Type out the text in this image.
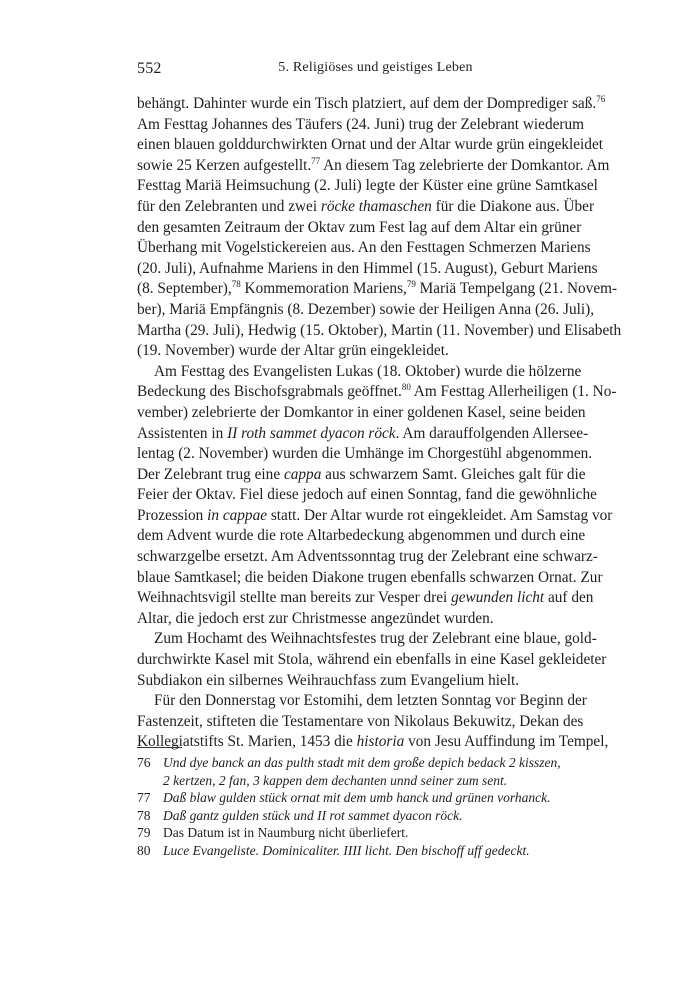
552	5. Religiöses und geistiges Leben
behängt. Dahinter wurde ein Tisch platziert, auf dem der Domprediger saß.$^{76}$
Am Festtag Johannes des Täufers (24. Juni) trug der Zelebrant wiederum
einen blauen golddurchwirkten Ornat und der Altar wurde grün eingekleidet
sowie 25 Kerzen aufgestellt.$^{77}$ An diesem Tag zelebrierte der Domkantor. Am
Festtag Mariä Heimsuchung (2. Juli) legte der Küster eine grüne Samtkasel
für den Zelebranten und zwei röcke thamaschen für die Diakone aus. Über
den gesamten Zeitraum der Oktav zum Fest lag auf dem Altar ein grüner
Überhang mit Vogelstickereien aus. An den Festtagen Schmerzen Mariens
(20. Juli), Aufnahme Mariens in den Himmel (15. August), Geburt Mariens
(8. September),$^{78}$ Kommemoration Mariens,$^{79}$ Mariä Tempelgang (21. Novem-
ber), Mariä Empfängnis (8. Dezember) sowie der Heiligen Anna (26. Juli),
Martha (29. Juli), Hedwig (15. Oktober), Martin (11. November) und Elisabeth
(19. November) wurde der Altar grün eingekleidet.
Am Festtag des Evangelisten Lukas (18. Oktober) wurde die hölzerne
Bedeckung des Bischofsgrabmals geöffnet.$^{80}$ Am Festtag Allerheiligen (1. No-
vember) zelebrierte der Domkantor in einer goldenen Kasel, seine beiden
Assistenten in II roth sammet dyacon röck. Am darauffolgenden Allersee-
lentag (2. November) wurden die Umhänge im Chorgestühl abgenommen.
Der Zelebrant trug eine cappa aus schwarzem Samt. Gleiches galt für die
Feier der Oktav. Fiel diese jedoch auf einen Sonntag, fand die gewöhnliche
Prozession in cappae statt. Der Altar wurde rot eingekleidet. Am Samstag vor
dem Advent wurde die rote Altarbedeckung abgenommen und durch eine
schwarzgelbe ersetzt. Am Adventssonntag trug der Zelebrant eine schwarz-
blaue Samtkasel; die beiden Diakone trugen ebenfalls schwarzen Ornat. Zur
Weihnachtsvigil stellte man bereits zur Vesper drei gewunden licht auf den
Altar, die jedoch erst zur Christmesse angezündet wurden.
Zum Hochamt des Weihnachtsfestes trug der Zelebrant eine blaue, gold-
durchwirkte Kasel mit Stola, während ein ebenfalls in eine Kasel gekleideter
Subdiakon ein silbernes Weihrauchfass zum Evangelium hielt.
Für den Donnerstag vor Estomihi, dem letzten Sonntag vor Beginn der
Fastenzeit, stifteten die Testamentare von Nikolaus Bekuwitz, Dekan des
Kollegiatstifts St. Marien, 1453 die historia von Jesu Auffindung im Tempel,
76 Und dye banck an das pulth stadt mit dem große depich bedack 2 kisszen, 2 kertzen, 2 fan, 3 kappen dem dechanten unnd seiner zum sent.
77 Daß blaw gulden stück ornat mit dem umb hanck und grünen vorhanck.
78 Daß gantz gulden stück und II rot sammet dyacon röck.
79 Das Datum ist in Naumburg nicht überliefert.
80 Luce Evangeliste. Dominicaliter. IIII licht. Den bischoff uff gedeckt.
